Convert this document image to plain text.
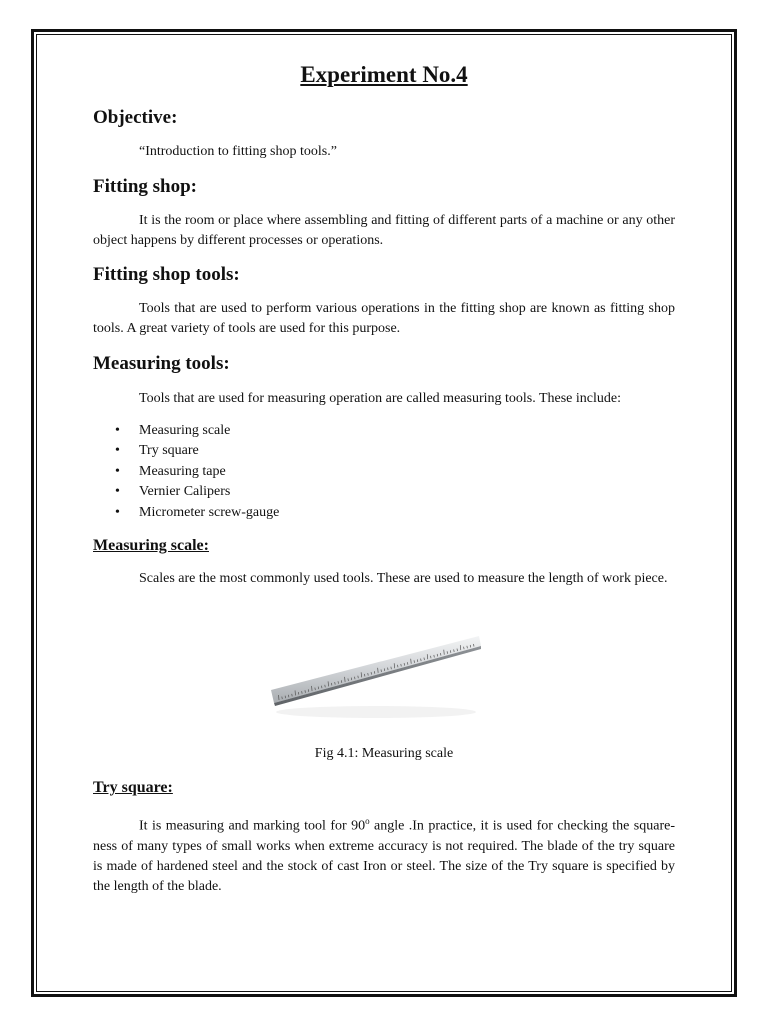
Experiment No.4
Objective:

“Introduction to fitting shop tools.”

Fitting shop:

It is the room or place where assembling and fitting of different parts of a machine or any other object happens by different processes or operations.

Fitting shop tools:

Tools that are used to perform various operations in the fitting shop are known as fitting shop tools. A great variety of tools are used for this purpose.

Measuring tools:

Tools that are used for measuring operation are called measuring tools. These include:

• Measuring scale
• Try square
• Measuring tape
• Vernier Calipers
• Micrometer screw-gauge
Measuring scale:

Scales are the most commonly used tools. These are used to measure the length of work piece.

Fig 4.1: Measuring scale

Try square:

It is measuring and marking tool for 90$^o$ angle .In practice, it is used for checking the square-ness of many types of small works when extreme accuracy is not required. The blade of the try square is made of hardened steel and the stock of cast Iron or steel. The size of the Try square is specified by the length of the blade.
